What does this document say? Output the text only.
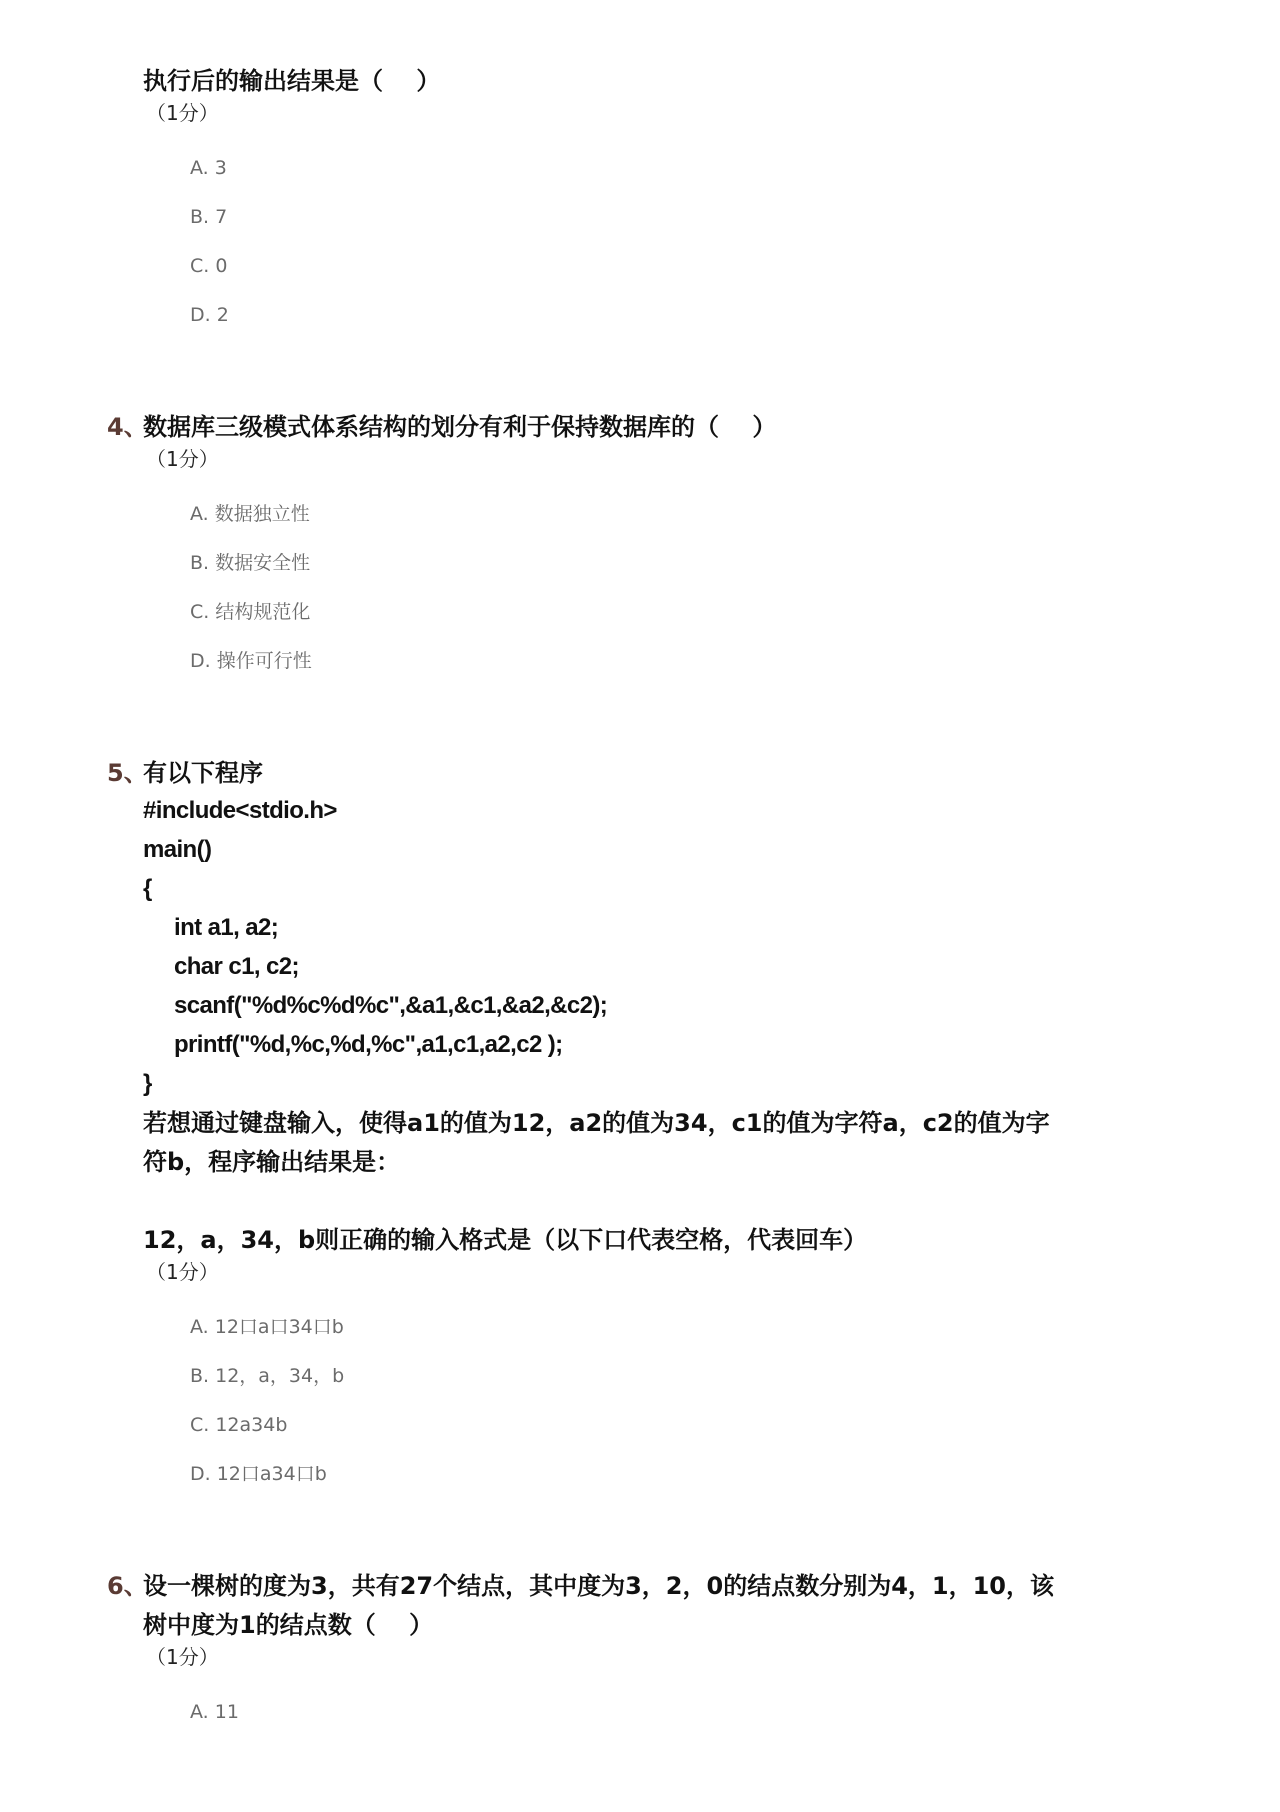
执行后的输出结果是（    ）
（1分）
A. 3
B. 7
C. 0
D. 2
4、
数据库三级模式体系结构的划分有利于保持数据库的（    ）
（1分）
A. 数据独立性
B. 数据安全性
C. 结构规范化
D. 操作可行性
5、
有以下程序
#include<stdio.h>
main()
{
int a1, a2;
char c1, c2;
scanf("%d%c%d%c",&a1,&c1,&a2,&c2);
printf("%d,%c,%d,%c",a1,c1,a2,c2 );
}
若想通过键盘输入，使得a1的值为12，a2的值为34，c1的值为字符a，c2的值为字
符b，程序输出结果是：
12，a，34，b则正确的输入格式是（以下口代表空格，代表回车）
（1分）
A. 12口a口34口b
B. 12，a，34，b
C. 12a34b
D. 12口a34口b
6、
设一棵树的度为3，共有27个结点，其中度为3，2，0的结点数分别为4，1，10，该
树中度为1的结点数（    ）
（1分）
A. 11
